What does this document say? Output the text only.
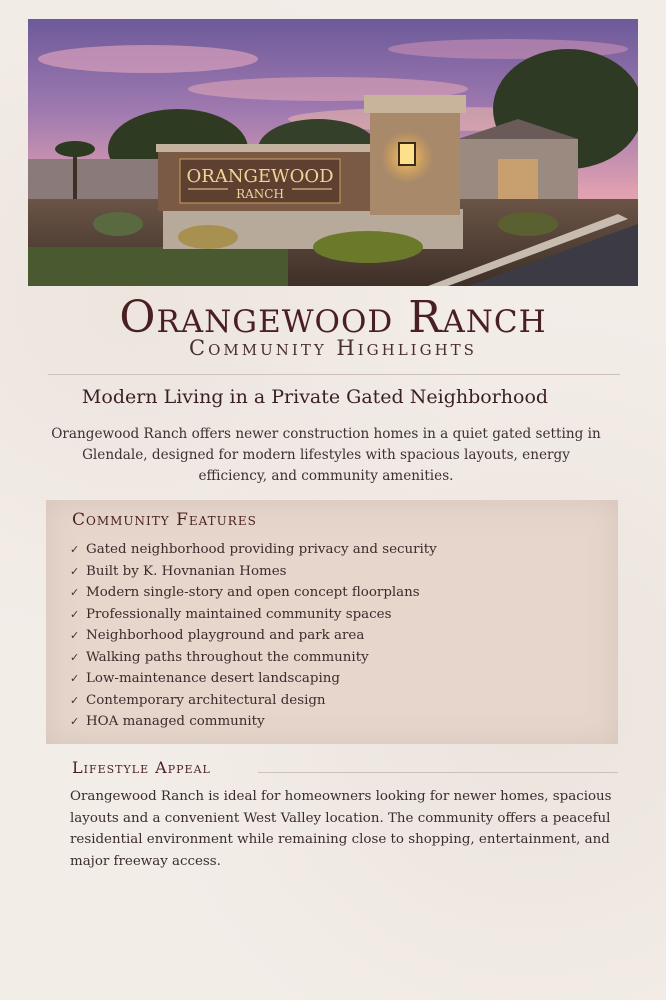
ORANGEWOOD
RANCH
Orangewood Ranch
Community Highlights
Modern Living in a Private Gated Neighborhood
Orangewood Ranch offers newer construction homes in a quiet gated setting in Glendale, designed for modern lifestyles with spacious layouts, energy efficiency, and community amenities.
Community Features
✓ Gated neighborhood providing privacy and security
✓ Built by K. Hovnanian Homes
✓ Modern single-story and open concept floorplans
✓ Professionally maintained community spaces
✓ Neighborhood playground and park area
✓ Walking paths throughout the community
✓ Low-maintenance desert landscaping
✓ Contemporary architectural design
✓ HOA managed community
Lifestyle Appeal
Orangewood Ranch is ideal for homeowners looking for newer homes, spacious layouts and a convenient West Valley location. The community offers a peaceful residential environment while remaining close to shopping, entertainment, and major freeway access.
